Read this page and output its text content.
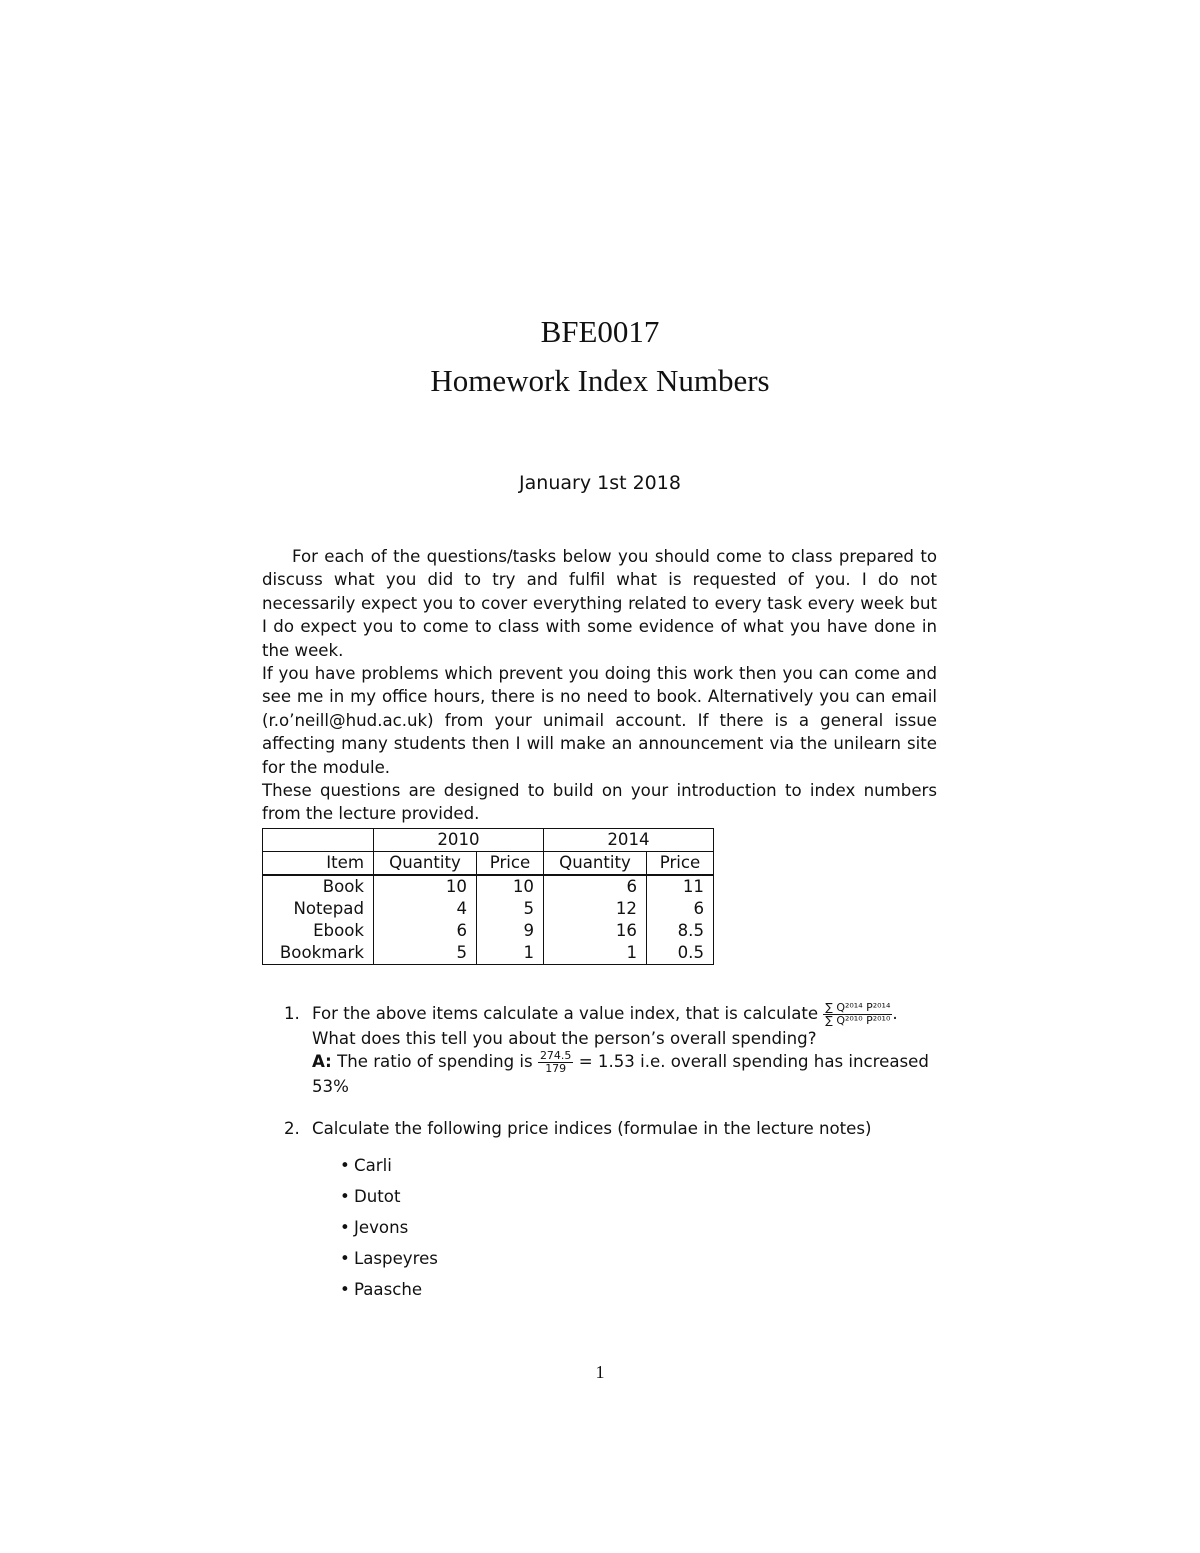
BFE0017
Homework Index Numbers
January 1st 2018

For each of the questions/tasks below you should come to class prepared to discuss what you did to try and fulfil what is requested of you. I do not necessarily expect you to cover everything related to every task every week but I do expect you to come to class with some evidence of what you have done in the week.

If you have problems which prevent you doing this work then you can come and see me in my office hours, there is no need to book. Alternatively you can email (r.o’neill@hud.ac.uk) from your unimail account. If there is a general issue affecting many students then I will make an announcement via the unilearn site for the module.

These questions are designed to build on your introduction to index numbers from the lecture provided.

	2010		2014	
Item	Quantity	Price	Quantity	Price
Book	10	10	6	11
Notepad	4	5	12	6
Ebook	6	9	16	8.5
Bookmark	5	1	1	0.5
1. For the above items calculate a value index, that is calculate $\frac{\text{∑ Q²⁰¹⁴ P²⁰¹⁴}}{\text{∑ Q²⁰¹⁰ P²⁰¹⁰}}$ .
What does this tell you about the person’s overall spending?
A: The ratio of spending is $\frac{274.5}{179} = 1.53$ i.e. overall spending has increased 53%
2. Calculate the following price indices (formulae in the lecture notes)
• Carli
• Dutot
• Jevons
• Laspeyres
• Paasche
1
